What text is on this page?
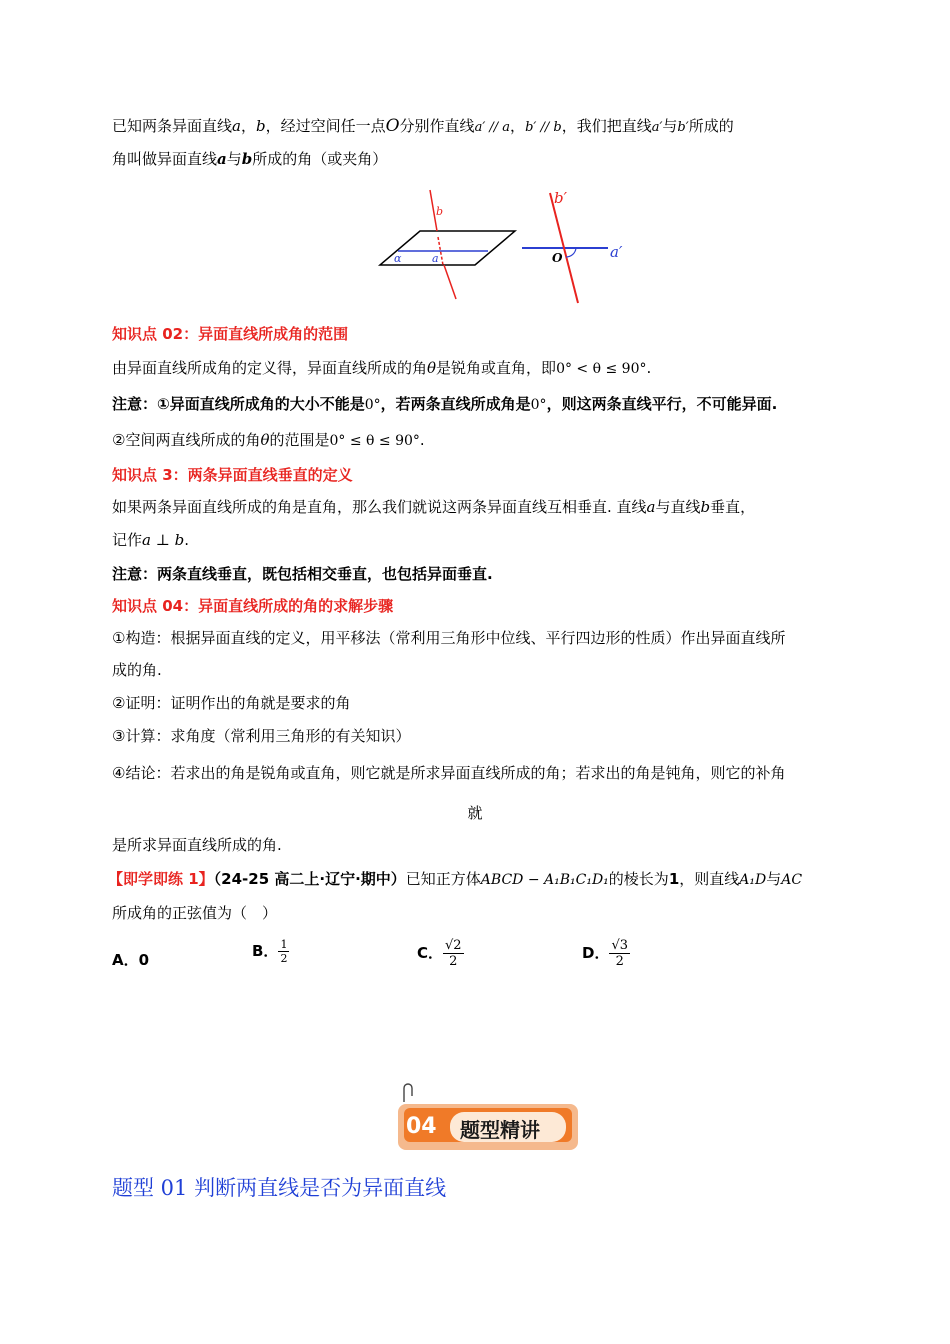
已知两条异面直线a，b，经过空间任一点O分别作直线a′ // a，b′ // b，我们把直线a′与b′所成的
角叫做异面直线a与b所成的角（或夹角）
b
α	a
b′
a′
O
知识点 02：异面直线所成角的范围
由异面直线所成角的定义得，异面直线所成的角θ是锐角或直角，即0° < θ ≤ 90°.
注意：①异面直线所成角的大小不能是0°，若两条直线所成角是0°，则这两条直线平行，不可能异面.
②空间两直线所成的角θ的范围是0° ≤ θ ≤ 90°.
知识点 3：两条异面直线垂直的定义
如果两条异面直线所成的角是直角，那么我们就说这两条异面直线互相垂直. 直线a与直线b垂直，
记作a ⊥ b.
注意：两条直线垂直，既包括相交垂直，也包括异面垂直.
知识点 04：异面直线所成的角的求解步骤
①构造：根据异面直线的定义，用平移法（常利用三角形中位线、平行四边形的性质）作出异面直线所
成的角.
②证明：证明作出的角就是要求的角
③计算：求角度（常利用三角形的有关知识）
④结论：若求出的角是锐角或直角，则它就是所求异面直线所成的角；若求出的角是钝角，则它的补角
就
是所求异面直线所成的角.
【即学即练 1】（24-25 高二上·辽宁·期中）已知正方体ABCD − A₁B₁C₁D₁的棱长为1，则直线A₁D与AC
所成角的正弦值为（　）
A．0	B． $\frac{1}{2}$	C． $\frac{√2}{2}$	D． $\frac{√3}{2}$
04 题型精讲
题型 01 判断两直线是否为异面直线
